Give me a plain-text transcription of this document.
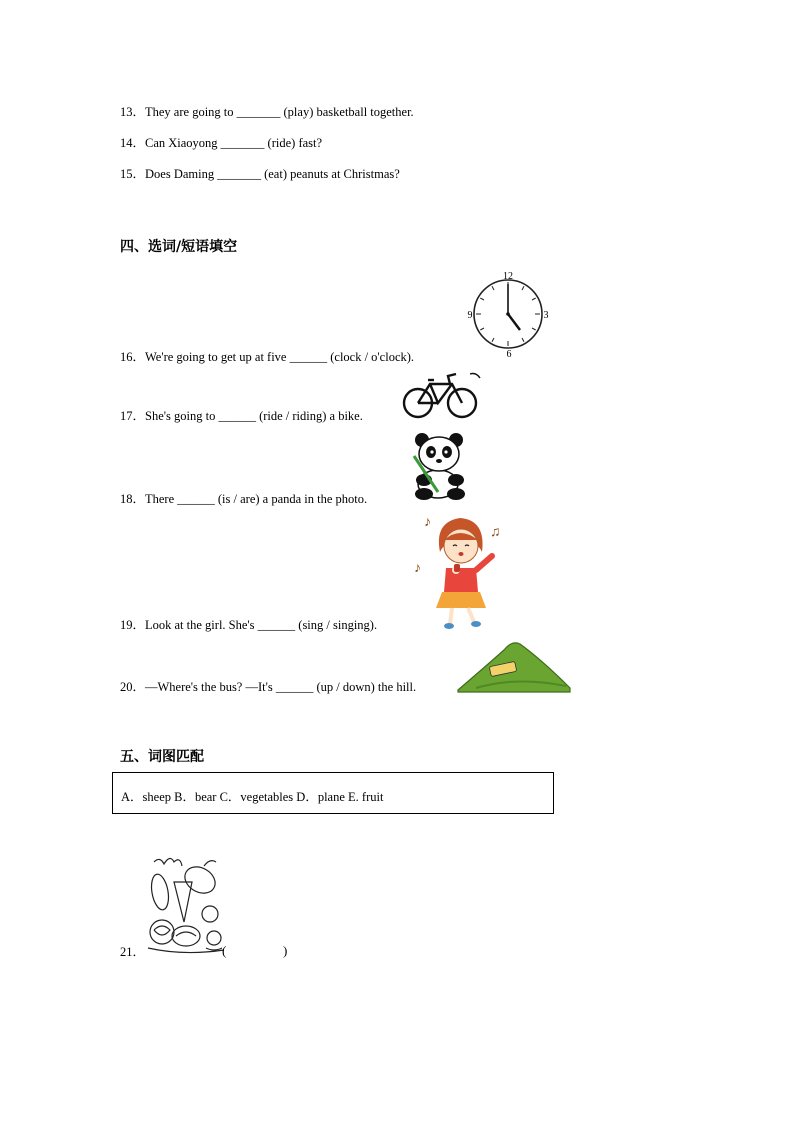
13．They are going to _______ (play) basketball together.
14．Can Xiaoyong _______ (ride) fast?
15．Does Daming _______ (eat) peanuts at Christmas?
四、选词/短语填空
12
3
6
9
16．We're going to get up at five ______ (clock / o'clock).
17．She's going to ______ (ride / riding) a bike.
18．There ______ (is / are) a panda in the photo.
♪
♫
♪
19．Look at the girl. She's ______ (sing / singing).
20．—Where's the bus? —It's ______ (up / down) the hill.
五、词图匹配
A．sheep B．bear C．vegetables D．plane E. fruit
21．	(	)
